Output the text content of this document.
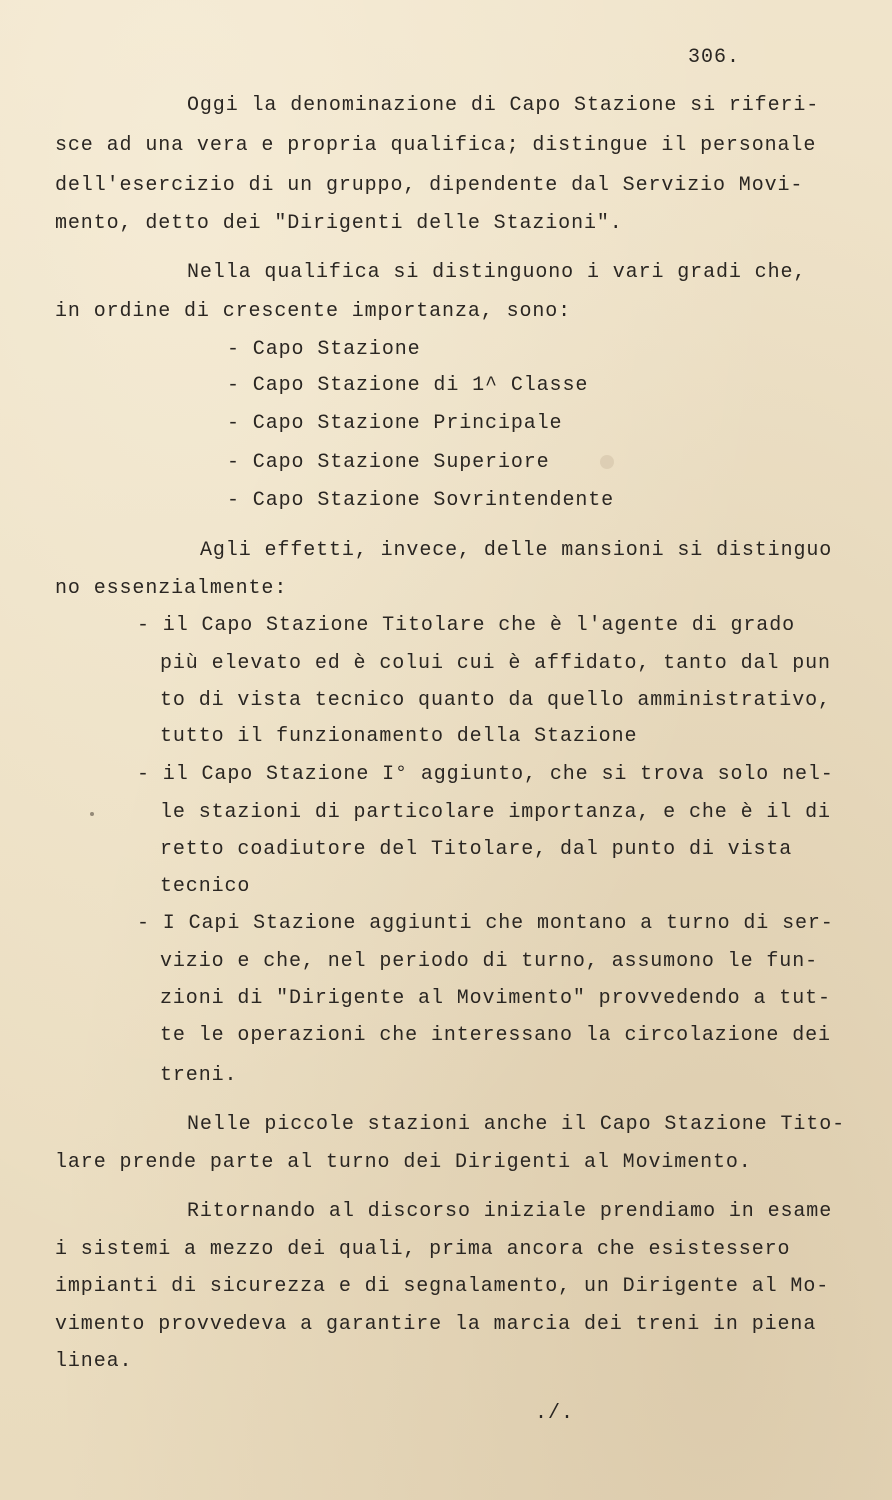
306.
Oggi la denominazione di Capo Stazione si riferi-
sce ad una vera e propria qualifica; distingue il personale
dell'esercizio di un gruppo, dipendente dal Servizio Movi-
mento, detto dei "Dirigenti delle Stazioni".
Nella qualifica si distinguono i vari gradi che,
in ordine di crescente importanza, sono:
- Capo Stazione
- Capo Stazione di 1^ Classe
- Capo Stazione Principale
- Capo Stazione Superiore
- Capo Stazione Sovrintendente
Agli effetti, invece, delle mansioni si distinguo
no essenzialmente:
- il Capo Stazione Titolare che è l'agente di grado
più elevato ed è colui cui è affidato, tanto dal pun
to di vista tecnico quanto da quello amministrativo,
tutto il funzionamento della Stazione
- il Capo Stazione I° aggiunto, che si trova solo nel-
le stazioni di particolare importanza, e che è il di
retto coadiutore del Titolare, dal punto di vista
tecnico
- I Capi Stazione aggiunti che montano a turno di ser-
vizio e che, nel periodo di turno, assumono le fun-
zioni di "Dirigente al Movimento" provvedendo a tut-
te le operazioni che interessano la circolazione dei
treni.
Nelle piccole stazioni anche il Capo Stazione Tito-
lare prende parte al turno dei Dirigenti al Movimento.
Ritornando al discorso iniziale prendiamo in esame
i sistemi a mezzo dei quali, prima ancora che esistessero
impianti di sicurezza e di segnalamento, un Dirigente al Mo-
vimento provvedeva a garantire la marcia dei treni in piena
linea.
./.
